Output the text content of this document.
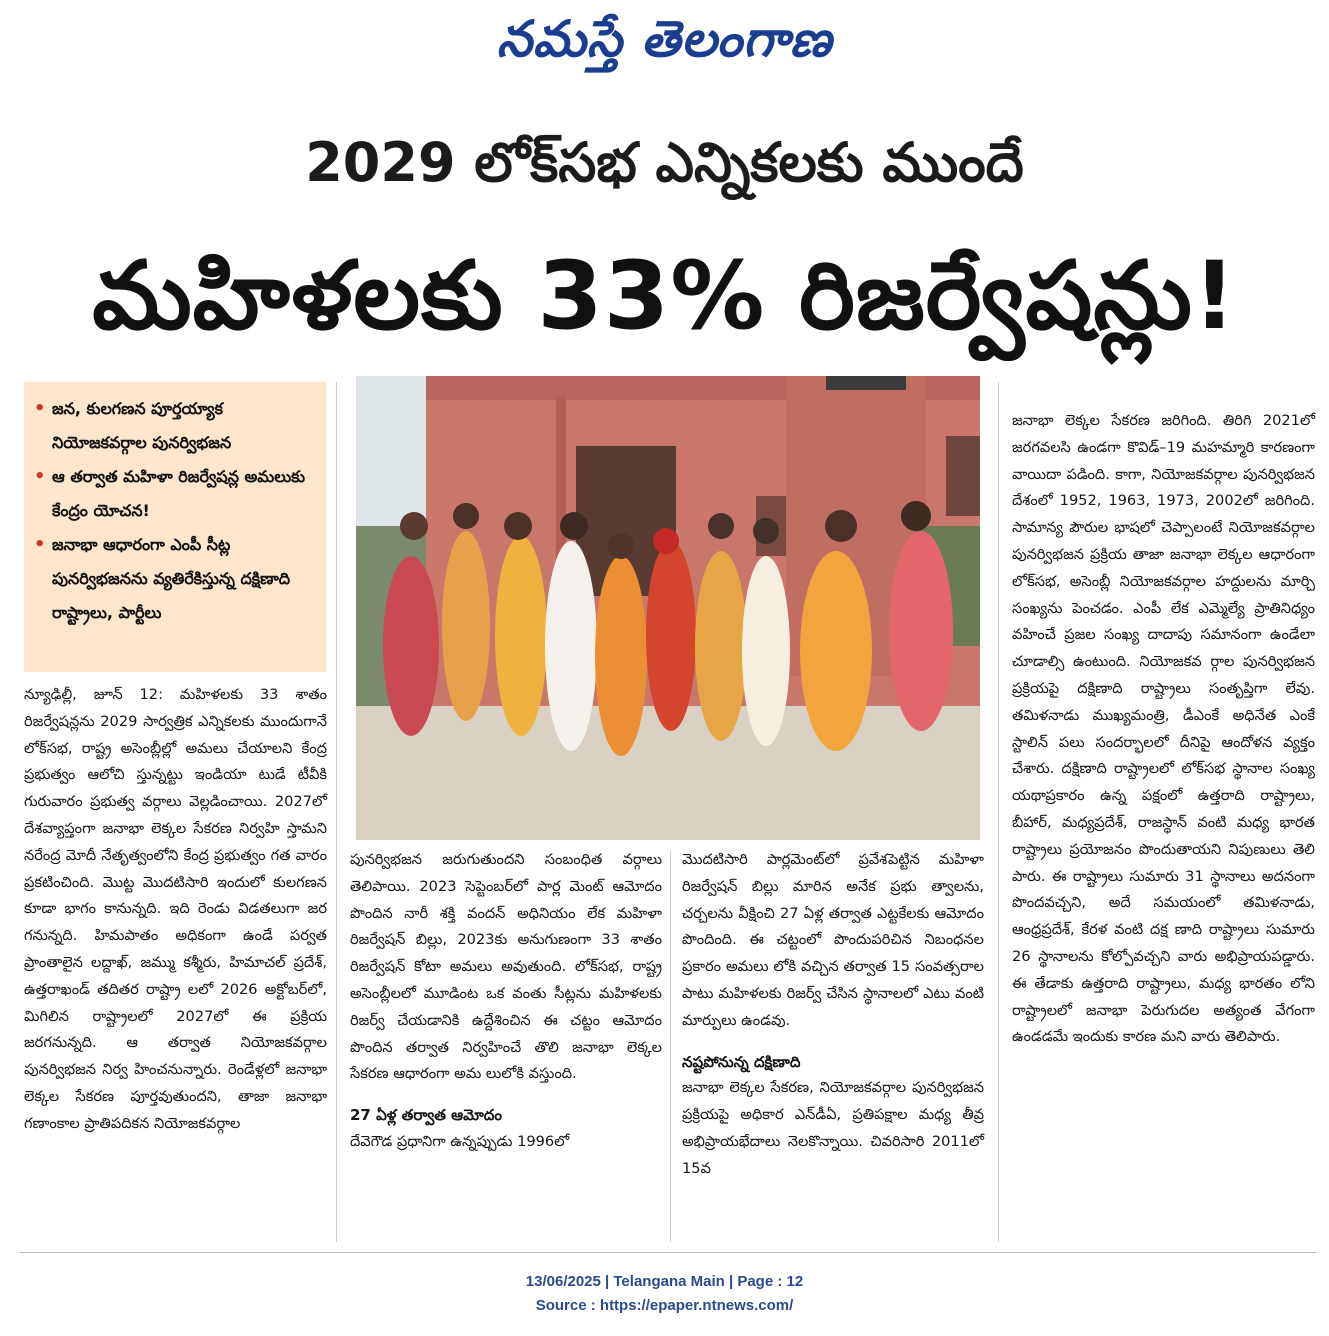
నమస్తే తెలంగాణ
2029 లోక్‌సభ ఎన్నికలకు ముందే
మహిళలకు 33% రిజర్వేషన్లు!
• జన, కులగణన పూర్తయ్యాక నియోజకవర్గాల పునర్విభజన
• ఆ తర్వాత మహిళా రిజర్వేషన్ల అమలుకు కేంద్రం యోచన!
• జనాభా ఆధారంగా ఎంపీ సీట్ల పునర్విభజనను వ్యతిరేకిస్తున్న దక్షిణాది రాష్ట్రాలు, పార్టీలు

న్యూఢిల్లీ, జూన్ 12: మహిళలకు 33 శాతం రిజర్వేషన్లను 2029 సార్వత్రిక ఎన్నికలకు ముందుగానే లోక్‌సభ, రాష్ట్ర అసెంబ్లీల్లో అమలు చేయాలని కేంద్ర ప్రభుత్వం ఆలోచి స్తున్నట్టు ఇండియా టుడే టీవీకి గురువారం ప్రభుత్వ వర్గాలు వెల్లడించాయి. 2027లో దేశవ్యాప్తంగా జనాభా లెక్కల సేకరణ నిర్వహి స్తామని నరేంద్ర మోదీ నేతృత్వంలోని కేంద్ర ప్రభుత్వం గత వారం ప్రకటించింది. మొట్ట మొదటిసారి ఇందులో కులగణన కూడా భాగం కానున్నది. ఇది రెండు విడతలుగా జర గనున్నది. హిమపాతం అధికంగా ఉండే పర్వత ప్రాంతాలైన లద్దాఖ్, జమ్ము కశ్మీరు, హిమాచల్ ప్రదేశ్, ఉత్తరాఖండ్ తదితర రాష్ట్రా లలో 2026 అక్టోబర్‌లో, మిగిలిన రాష్ట్రాలలో 2027లో ఈ ప్రక్రియ జరగనున్నది. ఆ తర్వాత నియోజకవర్గాల పునర్విభజన నిర్వ హించనున్నారు. రెండేళ్లలో జనాభా లెక్కల సేకరణ పూర్తవుతుందని, తాజా జనాభా గణాంకాల ప్రాతిపదికన నియోజకవర్గాల

పునర్విభజన జరుగుతుందని సంబంధిత వర్గాలు తెలిపాయి. 2023 సెప్టెంబర్‌లో పార్ల మెంట్ ఆమోదం పొందిన నారీ శక్తి వందన్ అధినియం లేక మహిళా రిజర్వేషన్ బిల్లు, 2023కు అనుగుణంగా 33 శాతం రిజర్వేషన్ కోటా అమలు అవుతుంది. లోక్‌సభ, రాష్ట్ర అసెంబ్లీలలో మూడింట ఒక వంతు సీట్లను మహిళలకు రిజర్వ్ చేయడానికి ఉద్దేశించిన ఈ చట్టం ఆమోదం పొందిన తర్వాత నిర్వహించే తొలి జనాభా లెక్కల సేకరణ ఆధారంగా అమ లులోకి వస్తుంది.

27 ఏళ్ల తర్వాత ఆమోదం

దేవెగౌడ ప్రధానిగా ఉన్నప్పుడు 1996లో

మొదటిసారి పార్లమెంట్‌లో ప్రవేశపెట్టిన మహిళా రిజర్వేషన్ బిల్లు మారిన అనేక ప్రభు త్వాలను, చర్చలను వీక్షించి 27 ఏళ్ల తర్వాత ఎట్టకేలకు ఆమోదం పొందింది. ఈ చట్టంలో పొందుపరిచిన నిబంధనల ప్రకారం అమలు లోకి వచ్చిన తర్వాత 15 సంవత్సరాల పాటు మహిళలకు రిజర్వ్ చేసిన స్థానాలలో ఎటు వంటి మార్పులు ఉండవు.

నష్టపోనున్న దక్షిణాది

జనాభా లెక్కల సేకరణ, నియోజకవర్గాల పునర్విభజన ప్రక్రియపై అధికార ఎన్‌డీఏ, ప్రతిపక్షాల మధ్య తీవ్ర అభిప్రాయభేదాలు నెలకొన్నాయి. చివరిసారి 2011లో 15వ

జనాభా లెక్కల సేకరణ జరిగింది. తిరిగి 2021లో జరగవలసి ఉండగా కొవిడ్–19 మహమ్మారి కారణంగా వాయిదా పడింది. కాగా, నియోజకవర్గాల పునర్విభజన దేశంలో 1952, 1963, 1973, 2002లో జరిగింది. సామాన్య పౌరుల భాషలో చెప్పాలంటే నియోజకవర్గాల పునర్విభజన ప్రక్రియ తాజా జనాభా లెక్కల ఆధారంగా లోక్‌సభ, అసెంబ్లీ నియోజకవర్గాల హద్దులను మార్చి సంఖ్యను పెంచడం. ఎంపీ లేక ఎమ్మెల్యే ప్రాతినిధ్యం వహించే ప్రజల సంఖ్య దాదాపు సమానంగా ఉండేలా చూడాల్సి ఉంటుంది. నియోజకవ ర్గాల పునర్విభజన ప్రక్రియపై దక్షిణాది రాష్ట్రాలు సంతృప్తిగా లేవు. తమిళనాడు ముఖ్యమంత్రి, డీఎంకే అధినేత ఎంకే స్టాలిన్ పలు సందర్భాలలో దీనిపై ఆందోళన వ్యక్తం చేశారు. దక్షిణాది రాష్ట్రాలలో లోక్‌సభ స్థానాల సంఖ్య యథాప్రకారం ఉన్న పక్షంలో ఉత్తరాది రాష్ట్రాలు, బీహార్, మధ్యప్రదేశ్, రాజస్థాన్ వంటి మధ్య భారత రాష్ట్రాలు ప్రయోజనం పొందుతాయని నిపుణులు తెలి పారు. ఈ రాష్ట్రాలు సుమారు 31 స్థానాలు అదనంగా పొందవచ్చని, అదే సమయంలో తమిళనాడు, ఆంధ్రప్రదేశ్, కేరళ వంటి దక్ష ణాది రాష్ట్రాలు సుమారు 26 స్థానాలను కోల్పోవచ్చని వారు అభిప్రాయపడ్డారు. ఈ తేడాకు ఉత్తరాది రాష్ట్రాలు, మధ్య భారతం లోని రాష్ట్రాలలో జనాభా పెరుగుదల అత్యంత వేగంగా ఉండడమే ఇందుకు కారణ మని వారు తెలిపారు.

13/06/2025 | Telangana Main | Page : 12
Source : https://epaper.ntnews.com/
